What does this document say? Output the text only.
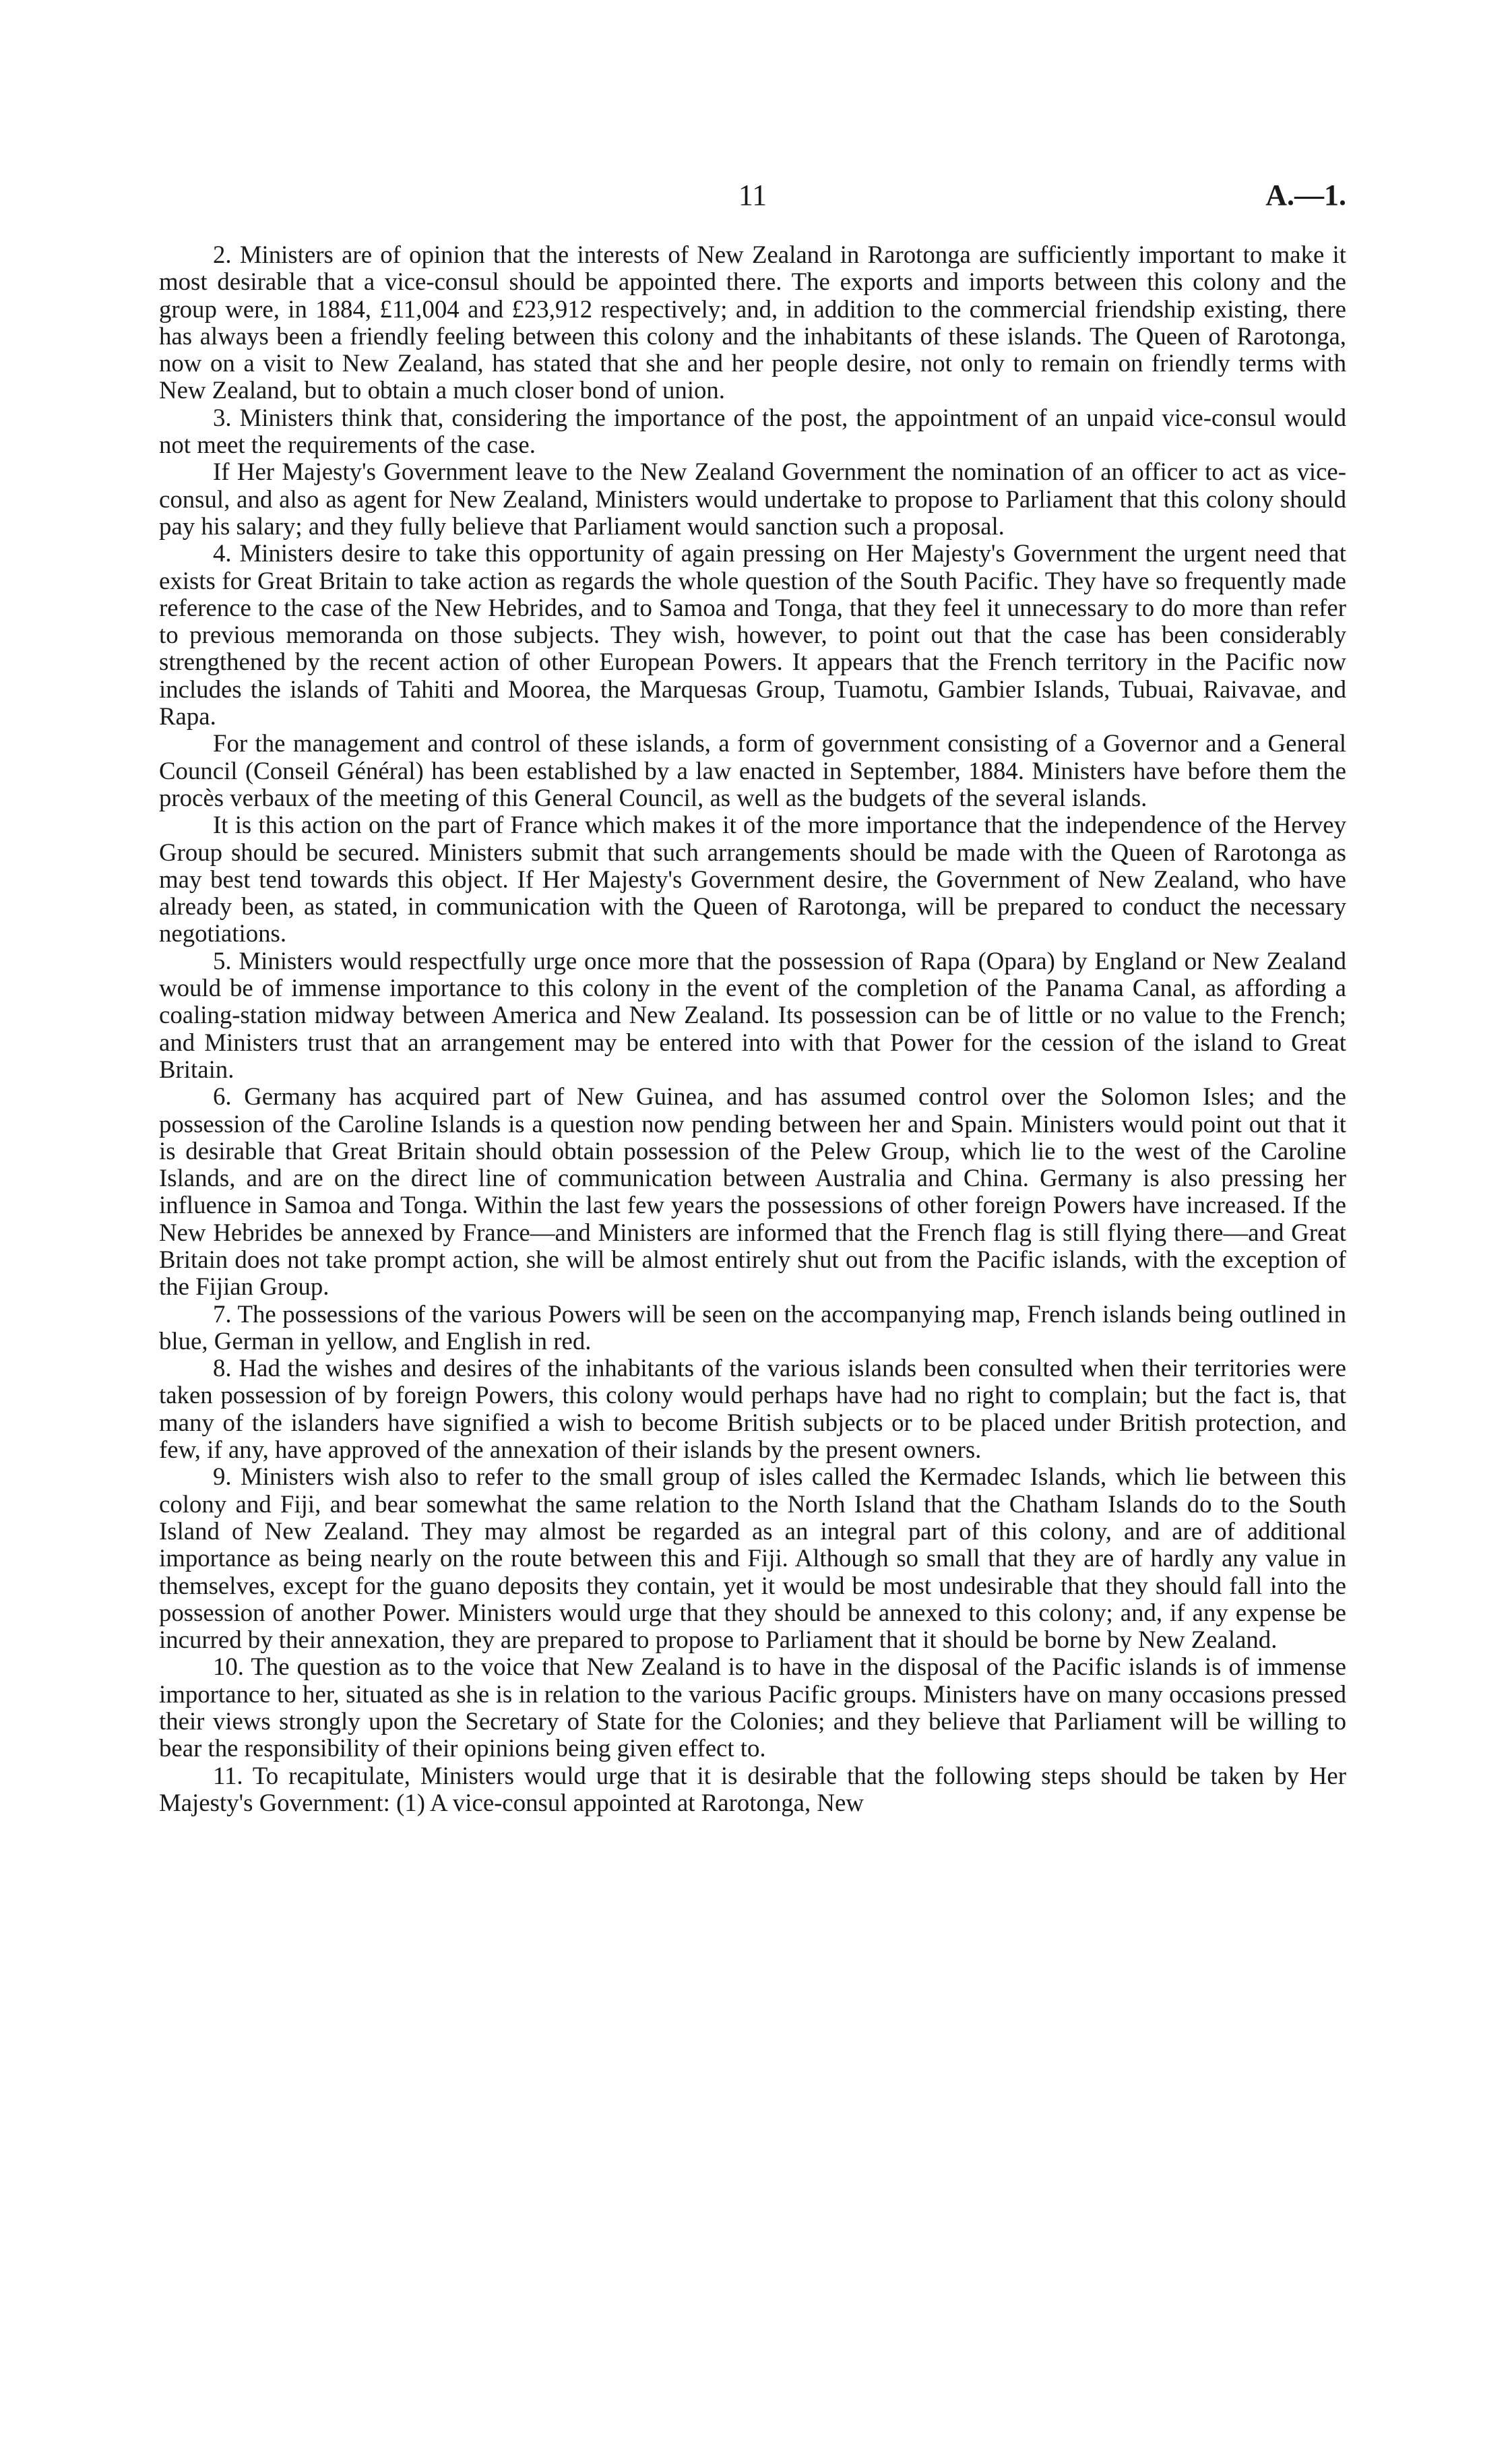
11	A.—1.

2. Ministers are of opinion that the interests of New Zealand in Rarotonga are sufficiently important to make it most desirable that a vice-consul should be appointed there. The exports and imports between this colony and the group were, in 1884, £11,004 and £23,912 respectively; and, in addition to the commercial friendship existing, there has always been a friendly feeling between this colony and the inhabitants of these islands. The Queen of Rarotonga, now on a visit to New Zealand, has stated that she and her people desire, not only to remain on friendly terms with New Zealand, but to obtain a much closer bond of union.

3. Ministers think that, considering the importance of the post, the appointment of an unpaid vice-consul would not meet the requirements of the case.

If Her Majesty's Government leave to the New Zealand Government the nomination of an officer to act as vice-consul, and also as agent for New Zealand, Ministers would undertake to propose to Parliament that this colony should pay his salary; and they fully believe that Parliament would sanction such a proposal.

4. Ministers desire to take this opportunity of again pressing on Her Majesty's Government the urgent need that exists for Great Britain to take action as regards the whole question of the South Pacific. They have so frequently made reference to the case of the New Hebrides, and to Samoa and Tonga, that they feel it unnecessary to do more than refer to previous memoranda on those subjects. They wish, however, to point out that the case has been considerably strengthened by the recent action of other European Powers. It appears that the French territory in the Pacific now includes the islands of Tahiti and Moorea, the Marquesas Group, Tuamotu, Gambier Islands, Tubuai, Raivavae, and Rapa.

For the management and control of these islands, a form of government consisting of a Governor and a General Council (Conseil Général) has been established by a law enacted in September, 1884. Ministers have before them the procès verbaux of the meeting of this General Council, as well as the budgets of the several islands.

It is this action on the part of France which makes it of the more importance that the independence of the Hervey Group should be secured. Ministers submit that such arrangements should be made with the Queen of Rarotonga as may best tend towards this object. If Her Majesty's Government desire, the Government of New Zealand, who have already been, as stated, in communication with the Queen of Rarotonga, will be prepared to conduct the necessary negotiations.

5. Ministers would respectfully urge once more that the possession of Rapa (Opara) by England or New Zealand would be of immense importance to this colony in the event of the completion of the Panama Canal, as affording a coaling-station midway between America and New Zealand. Its possession can be of little or no value to the French; and Ministers trust that an arrangement may be entered into with that Power for the cession of the island to Great Britain.

6. Germany has acquired part of New Guinea, and has assumed control over the Solomon Isles; and the possession of the Caroline Islands is a question now pending between her and Spain. Ministers would point out that it is desirable that Great Britain should obtain possession of the Pelew Group, which lie to the west of the Caroline Islands, and are on the direct line of communication between Australia and China. Germany is also pressing her influence in Samoa and Tonga. Within the last few years the possessions of other foreign Powers have increased. If the New Hebrides be annexed by France—and Ministers are informed that the French flag is still flying there—and Great Britain does not take prompt action, she will be almost entirely shut out from the Pacific islands, with the exception of the Fijian Group.

7. The possessions of the various Powers will be seen on the accompanying map, French islands being outlined in blue, German in yellow, and English in red.

8. Had the wishes and desires of the inhabitants of the various islands been consulted when their territories were taken possession of by foreign Powers, this colony would perhaps have had no right to complain; but the fact is, that many of the islanders have signified a wish to become British subjects or to be placed under British protection, and few, if any, have approved of the annexation of their islands by the present owners.

9. Ministers wish also to refer to the small group of isles called the Kermadec Islands, which lie between this colony and Fiji, and bear somewhat the same relation to the North Island that the Chatham Islands do to the South Island of New Zealand. They may almost be regarded as an integral part of this colony, and are of additional importance as being nearly on the route between this and Fiji. Although so small that they are of hardly any value in themselves, except for the guano deposits they contain, yet it would be most undesirable that they should fall into the possession of another Power. Ministers would urge that they should be annexed to this colony; and, if any expense be incurred by their annexation, they are prepared to propose to Parliament that it should be borne by New Zealand.

10. The question as to the voice that New Zealand is to have in the disposal of the Pacific islands is of immense importance to her, situated as she is in relation to the various Pacific groups. Ministers have on many occasions pressed their views strongly upon the Secretary of State for the Colonies; and they believe that Parliament will be willing to bear the responsibility of their opinions being given effect to.

11. To recapitulate, Ministers would urge that it is desirable that the following steps should be taken by Her Majesty's Government: (1) A vice-consul appointed at Rarotonga, New
